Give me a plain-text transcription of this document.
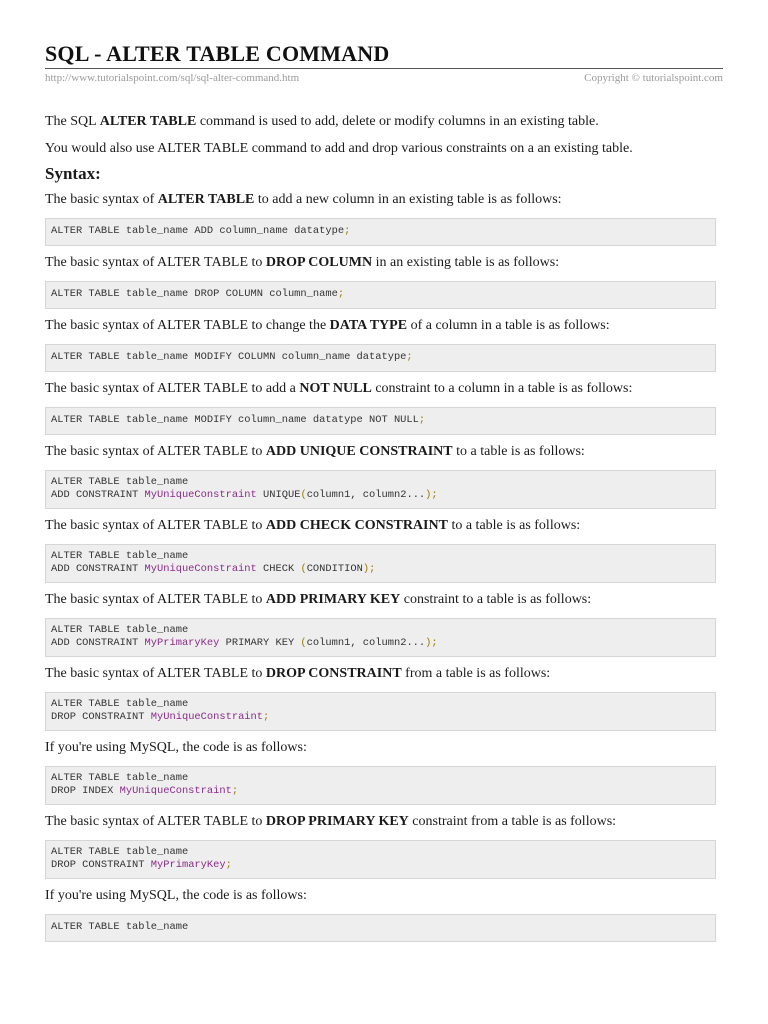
SQL - ALTER TABLE COMMAND
http://www.tutorialspoint.com/sql/sql-alter-command.htm	Copyright © tutorialspoint.com

The SQL ALTER TABLE command is used to add, delete or modify columns in an existing table.

You would also use ALTER TABLE command to add and drop various constraints on a an existing table.

Syntax:

The basic syntax of ALTER TABLE to add a new column in an existing table is as follows:

ALTER TABLE table_name ADD column_name datatype;

The basic syntax of ALTER TABLE to DROP COLUMN in an existing table is as follows:

ALTER TABLE table_name DROP COLUMN column_name;

The basic syntax of ALTER TABLE to change the DATA TYPE of a column in a table is as follows:

ALTER TABLE table_name MODIFY COLUMN column_name datatype;

The basic syntax of ALTER TABLE to add a NOT NULL constraint to a column in a table is as follows:

ALTER TABLE table_name MODIFY column_name datatype NOT NULL;

The basic syntax of ALTER TABLE to ADD UNIQUE CONSTRAINT to a table is as follows:

ALTER TABLE table_name
ADD CONSTRAINT MyUniqueConstraint UNIQUE(column1, column2...);

The basic syntax of ALTER TABLE to ADD CHECK CONSTRAINT to a table is as follows:

ALTER TABLE table_name
ADD CONSTRAINT MyUniqueConstraint CHECK (CONDITION);

The basic syntax of ALTER TABLE to ADD PRIMARY KEY constraint to a table is as follows:

ALTER TABLE table_name
ADD CONSTRAINT MyPrimaryKey PRIMARY KEY (column1, column2...);

The basic syntax of ALTER TABLE to DROP CONSTRAINT from a table is as follows:

ALTER TABLE table_name
DROP CONSTRAINT MyUniqueConstraint;

If you're using MySQL, the code is as follows:

ALTER TABLE table_name
DROP INDEX MyUniqueConstraint;

The basic syntax of ALTER TABLE to DROP PRIMARY KEY constraint from a table is as follows:

ALTER TABLE table_name
DROP CONSTRAINT MyPrimaryKey;

If you're using MySQL, the code is as follows:

ALTER TABLE table_name
